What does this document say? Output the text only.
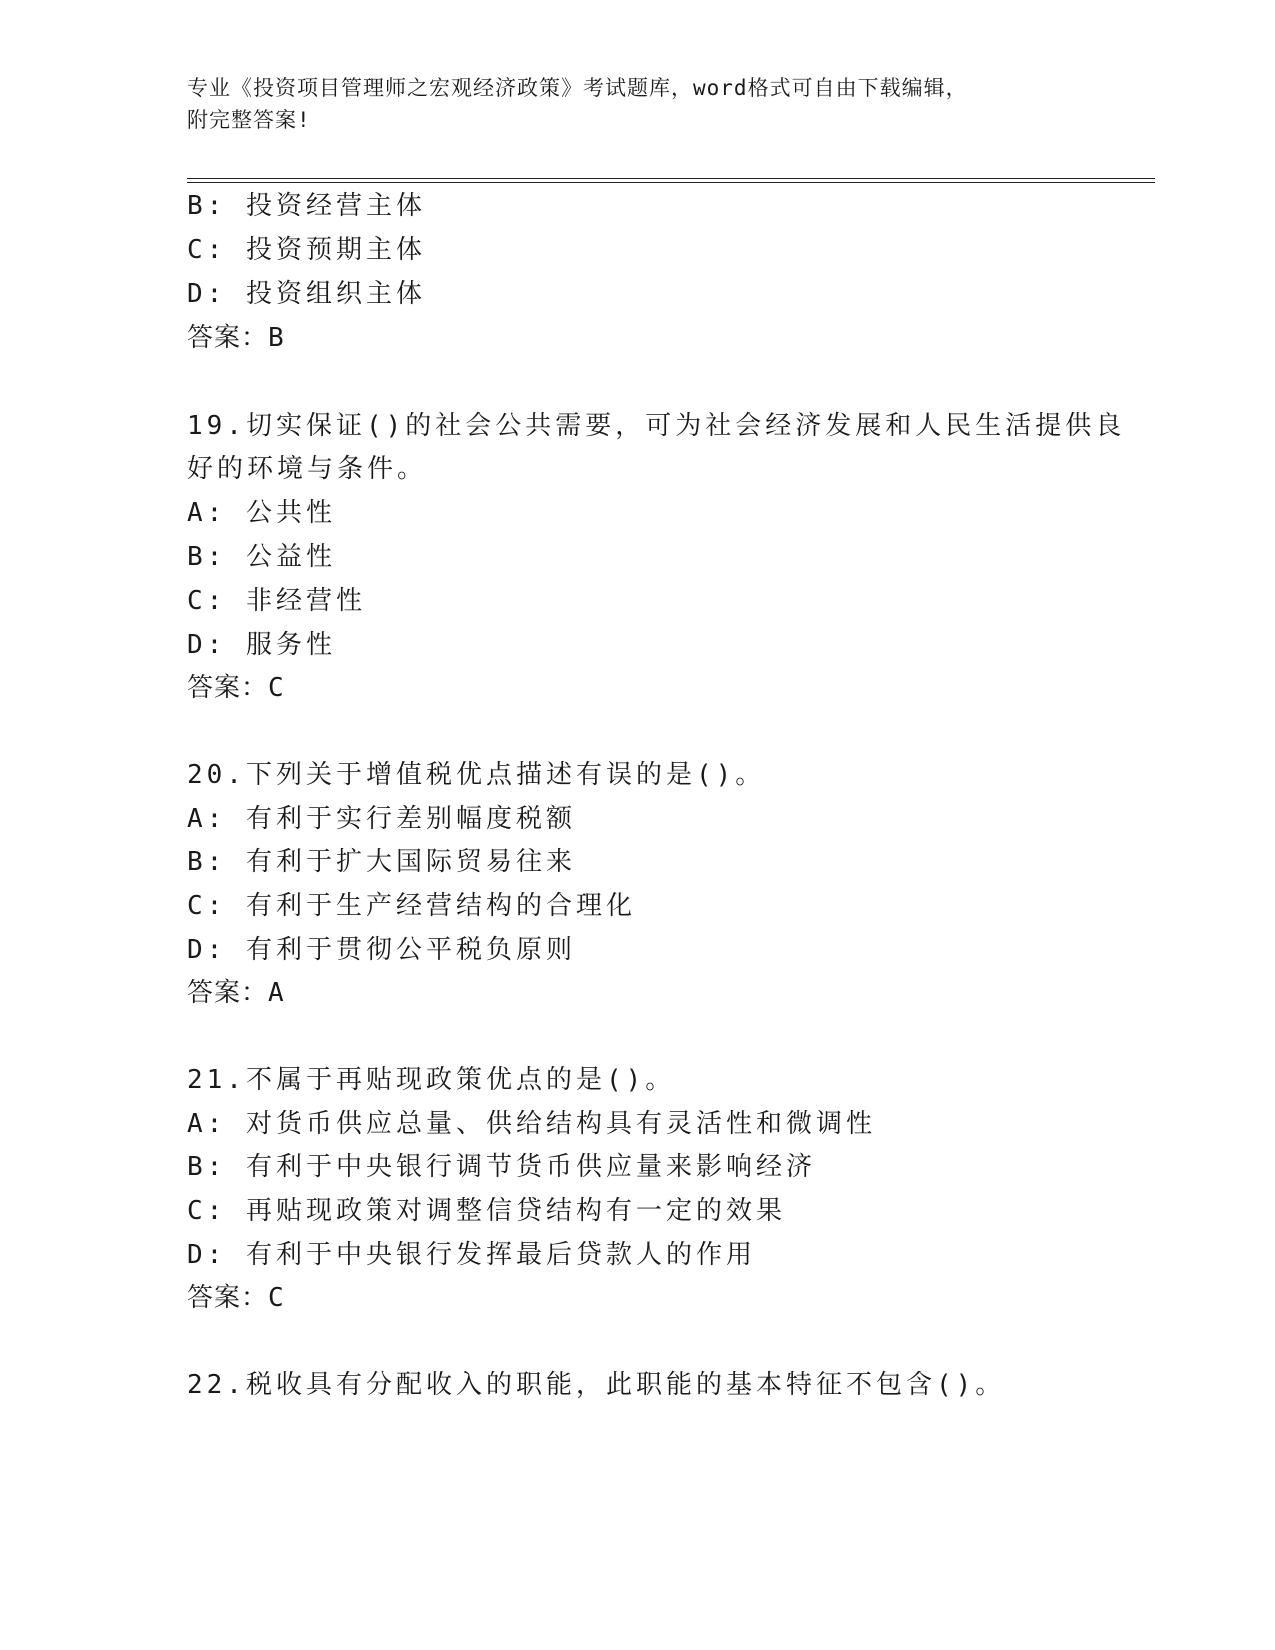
专业《投资项目管理师之宏观经济政策》考试题库，word格式可自由下载编辑，
附完整答案!
B: 投资经营主体
C: 投资预期主体
D: 投资组织主体
答案：B
19.切实保证()的社会公共需要，可为社会经济发展和人民生活提供良
好的环境与条件。
A: 公共性
B: 公益性
C: 非经营性
D: 服务性
答案：C
20.下列关于增值税优点描述有误的是()。
A: 有利于实行差别幅度税额
B: 有利于扩大国际贸易往来
C: 有利于生产经营结构的合理化
D: 有利于贯彻公平税负原则
答案：A
21.不属于再贴现政策优点的是()。
A: 对货币供应总量、供给结构具有灵活性和微调性
B: 有利于中央银行调节货币供应量来影响经济
C: 再贴现政策对调整信贷结构有一定的效果
D: 有利于中央银行发挥最后贷款人的作用
答案：C
22.税收具有分配收入的职能，此职能的基本特征不包含()。
